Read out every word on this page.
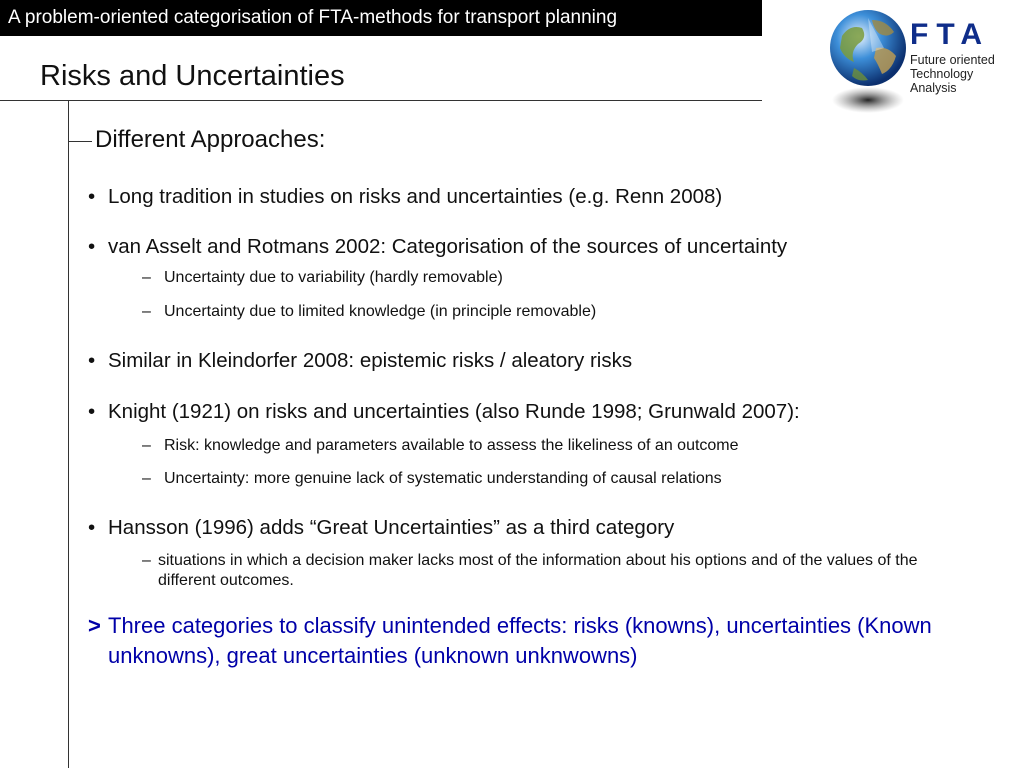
A problem-oriented categorisation of FTA-methods for transport planning
Risks and Uncertainties
Different Approaches:
FTA
Future oriented
Technology
Analysis
• Long tradition in studies on risks and uncertainties (e.g. Renn 2008)
• van Asselt and Rotmans 2002: Categorisation of the sources of uncertainty
– Uncertainty due to variability (hardly removable)
– Uncertainty due to limited knowledge (in principle removable)
• Similar in Kleindorfer 2008: epistemic risks / aleatory risks
• Knight (1921) on risks and uncertainties (also Runde 1998; Grunwald 2007):
– Risk: knowledge and parameters available to assess the likeliness of an outcome
– Uncertainty: more genuine lack of systematic understanding of causal relations
• Hansson (1996) adds “Great Uncertainties” as a third category
– situations in which a decision maker lacks most of the information about his options and of the values of the different outcomes.
> Three categories to classify unintended effects: risks (knowns), uncertainties (Known unknowns), great uncertainties (unknown unknwowns)
